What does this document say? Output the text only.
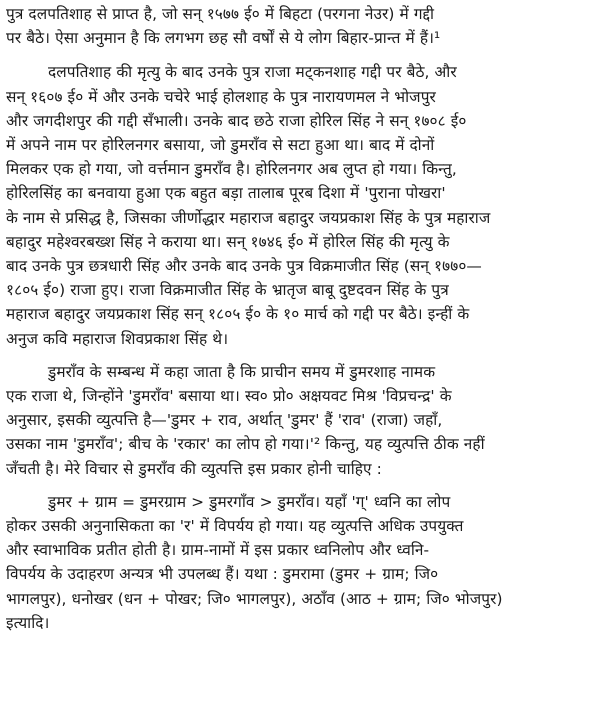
पुत्र दलपतिशाह से प्राप्त है, जो सन् १५७७ ई० में बिहटा (परगना नेउर) में गद्दी
पर बैठे। ऐसा अनुमान है कि लगभग छह सौ वर्षों से ये लोग बिहार-प्रान्त में हैं।¹

दलपतिशाह की मृत्यु के बाद उनके पुत्र राजा मट्कनशाह गद्दी पर बैठे, और
सन् १६०७ ई० में और उनके चचेरे भाई होलशाह के पुत्र नारायणमल ने भोजपुर
और जगदीशपुर की गद्दी सँभाली। उनके बाद छठे राजा होरिल सिंह ने सन् १७०८ ई०
में अपने नाम पर होरिलनगर बसाया, जो डुमराँव से सटा हुआ था। बाद में दोनों
मिलकर एक हो गया, जो वर्त्तमान डुमराँव है। होरिलनगर अब लुप्त हो गया। किन्तु,
होरिलसिंह का बनवाया हुआ एक बहुत बड़ा तालाब पूरब दिशा में 'पुराना पोखरा'
के नाम से प्रसिद्ध है, जिसका जीर्णोद्धार महाराज बहादुर जयप्रकाश सिंह के पुत्र महाराज
बहादुर महेश्वरबख्श सिंह ने कराया था। सन् १७४६ ई० में होरिल सिंह की मृत्यु के
बाद उनके पुत्र छत्रधारी सिंह और उनके बाद उनके पुत्र विक्रमाजीत सिंह (सन् १७७०—
१८०५ ई०) राजा हुए। राजा विक्रमाजीत सिंह के भ्रातृज बाबू दुष्टदवन सिंह के पुत्र
महाराज बहादुर जयप्रकाश सिंह सन् १८०५ ई० के १० मार्च को गद्दी पर बैठे। इन्हीं के
अनुज कवि महाराज शिवप्रकाश सिंह थे।

डुमराँव के सम्बन्ध में कहा जाता है कि प्राचीन समय में डुमरशाह नामक
एक राजा थे, जिन्होंने 'डुमराँव' बसाया था। स्व० प्रो० अक्षयवट मिश्र 'विप्रचन्द्र' के
अनुसार, इसकी व्युत्पत्ति है—'डुमर + राव, अर्थात् 'डुमर' हैं 'राव' (राजा) जहाँ,
उसका नाम 'डुमराँव'; बीच के 'रकार' का लोप हो गया।'² किन्तु, यह व्युत्पत्ति ठीक नहीं
जँचती है। मेरे विचार से डुमराँव की व्युत्पत्ति इस प्रकार होनी चाहिए :

डुमर + ग्राम = डुमरग्राम > डुमरगाँव > डुमराँव। यहाँ 'ग्' ध्वनि का लोप
होकर उसकी अनुनासिकता का 'र' में विपर्यय हो गया। यह व्युत्पत्ति अधिक उपयुक्त
और स्वाभाविक प्रतीत होती है। ग्राम-नामों में इस प्रकार ध्वनिलोप और ध्वनि-
विपर्यय के उदाहरण अन्यत्र भी उपलब्ध हैं। यथा : डुमरामा (डुमर + ग्राम; जि०
भागलपुर), धनोखर (धन + पोखर; जि० भागलपुर), अठाँव (आठ + ग्राम; जि० भोजपुर)
इत्यादि।
